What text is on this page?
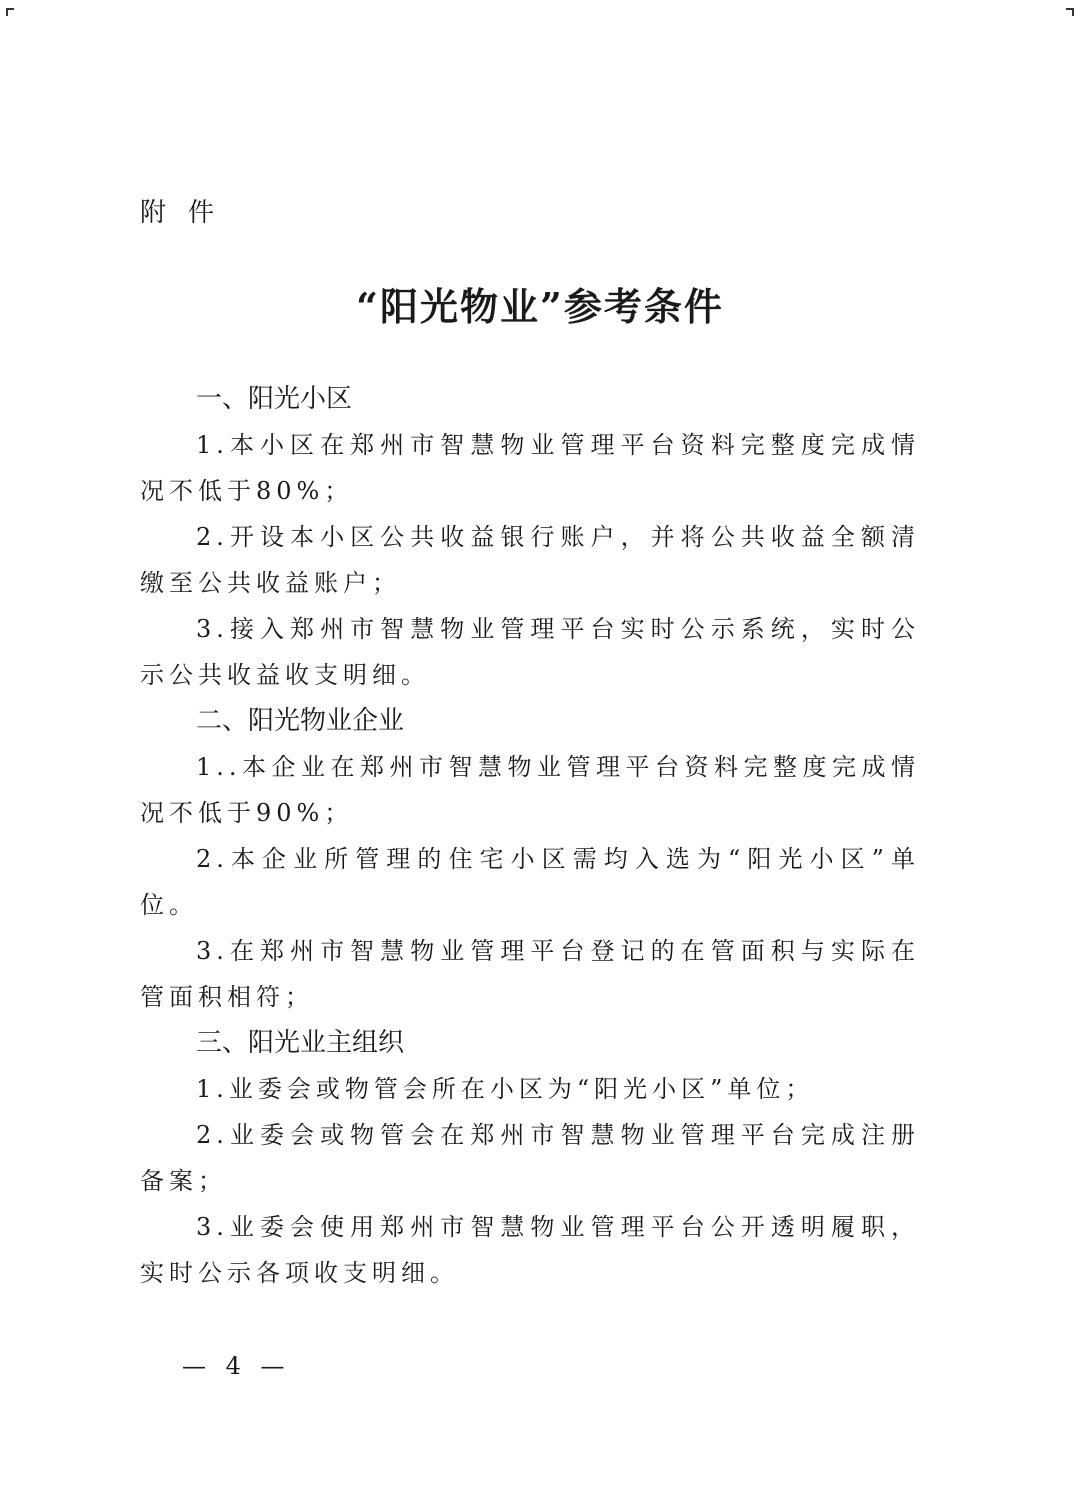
附件
“阳光物业”参考条件

一、阳光小区

1.本小区在郑州市智慧物业管理平台资料完整度完成情况不低于80%；

2.开设本小区公共收益银行账户，并将公共收益全额清缴至公共收益账户；

3.接入郑州市智慧物业管理平台实时公示系统，实时公示公共收益收支明细。

二、阳光物业企业

1..本企业在郑州市智慧物业管理平台资料完整度完成情况不低于90%；

2.本企业所管理的住宅小区需均入选为“阳光小区”单位。

3.在郑州市智慧物业管理平台登记的在管面积与实际在管面积相符；

三、阳光业主组织

1.业委会或物管会所在小区为“阳光小区”单位；

2.业委会或物管会在郑州市智慧物业管理平台完成注册备案；

3.业委会使用郑州市智慧物业管理平台公开透明履职，实时公示各项收支明细。

— 4 —
